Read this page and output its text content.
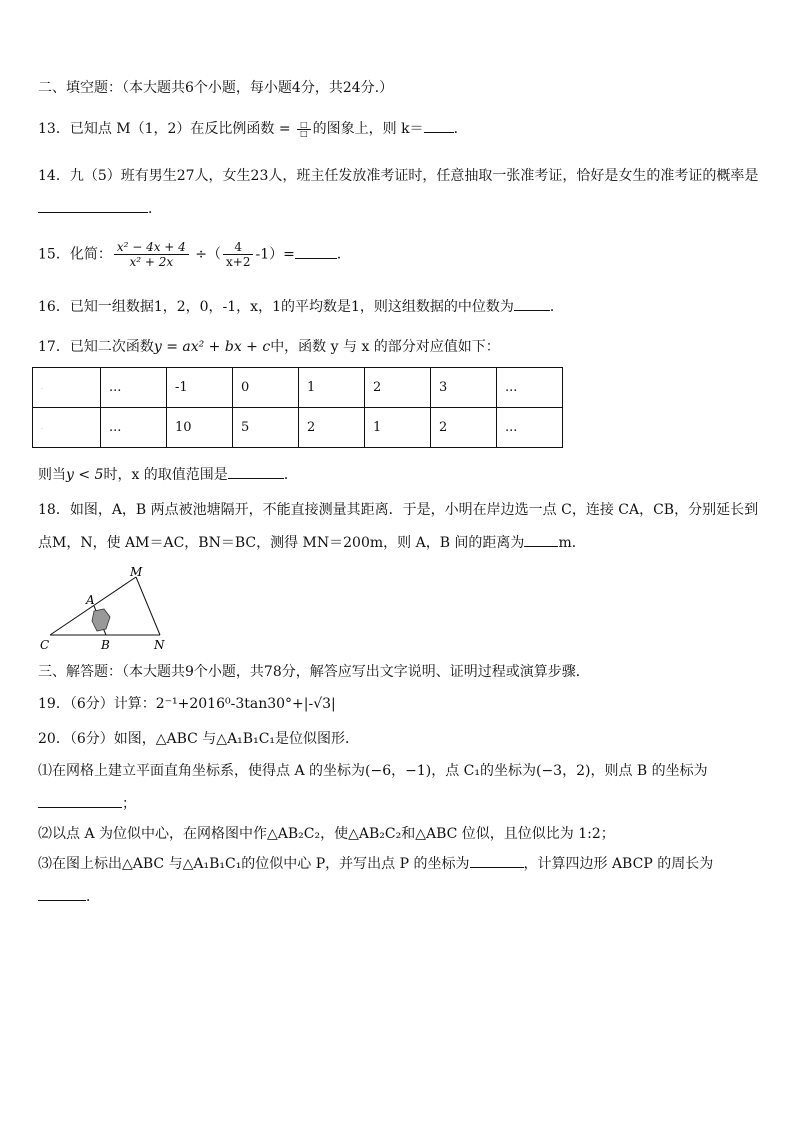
二、填空题：（本大题共6个小题，每小题4分，共24分.）
13．已知点 M（1，2）在反比例函数 = $\frac{□}{□}$ 的图象上，则 k＝ ．
14．九（5）班有男生27人，女生23人，班主任发放准考证时，任意抽取一张准考证，恰好是女生的准考证的概率是
．
15．化简： $\frac{\text{x² − 4x + 4}}{\text{x² + 2x}}$ ÷（ $\frac{4}{x+2} -1)=$	．
16．已知一组数据1，2，0，-1，x，1的平均数是1，则这组数据的中位数为	．
17．已知二次函数y = ax² + bx + c中，函数 y 与 x 的部分对应值如下：
.	...	-1	0	1	2	3	...
.	...	10	5	2	1	2	...
则当y < 5时，x 的取值范围是	．
18．如图，A，B 两点被池塘隔开，不能直接测量其距离．于是，小明在岸边选一点 C，连接 CA，CB，分别延长到
点M，N，使 AM＝AC，BN＝BC，测得 MN＝200m，则 A，B 间的距离为 m．
M
A
C	B	N
三、解答题：（本大题共9个小题，共78分，解答应写出文字说明、证明过程或演算步骤．
19．（6分）计算：2⁻¹+2016⁰-3tan30°+|-√3|
20．（6分）如图，△ABC 与△A₁B₁C₁是位似图形．
⑴在网格上建立平面直角坐标系，使得点 A 的坐标为(−6，−1)，点 C₁的坐标为(−3，2)，则点 B 的坐标为
；
⑵以点 A 为位似中心，在网格图中作△AB₂C₂，使△AB₂C₂和△ABC 位似，且位似比为 1:2；
⑶在图上标出△ABC 与△A₁B₁C₁的位似中心 P，并写出点 P 的坐标为	，计算四边形 ABCP 的周长为
．
